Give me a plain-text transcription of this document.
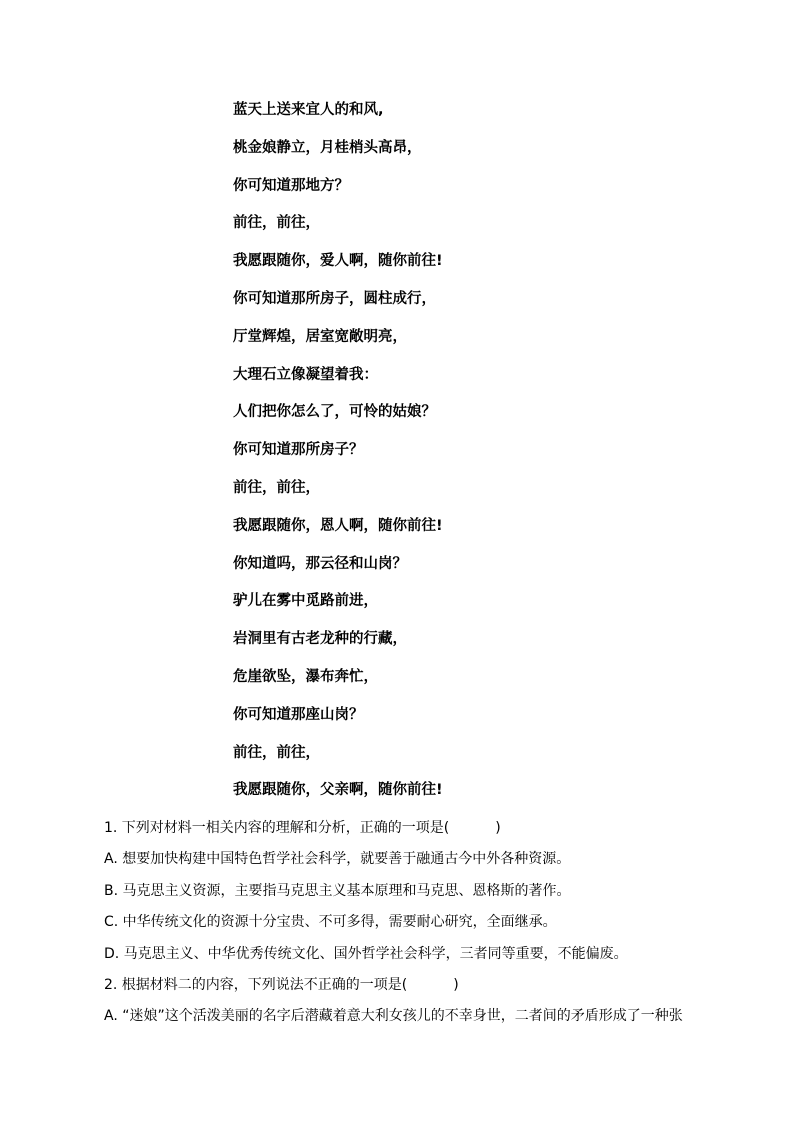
蓝天上送来宜人的和风,
桃金娘静立，月桂梢头高昂，
你可知道那地方？
前往，前往，
我愿跟随你，爱人啊，随你前往!
你可知道那所房子，圆柱成行，
厅堂辉煌，居室宽敞明亮，
大理石立像凝望着我：
人们把你怎么了，可怜的姑娘？
你可知道那所房子？
前往，前往，
我愿跟随你，恩人啊，随你前往!
你知道吗，那云径和山岗？
驴儿在雾中觅路前进，
岩洞里有古老龙种的行藏，
危崖欲坠，瀑布奔忙，
你可知道那座山岗？
前往，前往，
我愿跟随你，父亲啊，随你前往!
1. 下列对材料一相关内容的理解和分析，正确的一项是(	)
A. 想要加快构建中国特色哲学社会科学，就要善于融通古今中外各种资源。
B. 马克思主义资源，主要指马克思主义基本原理和马克思、恩格斯的著作。
C. 中华传统文化的资源十分宝贵、不可多得，需要耐心研究，全面继承。
D. 马克思主义、中华优秀传统文化、国外哲学社会科学，三者同等重要，不能偏废。
2. 根据材料二的内容，下列说法不正确的一项是(	)
A. “迷娘”这个活泼美丽的名字后潜藏着意大利女孩儿的不幸身世，二者间的矛盾形成了一种张
